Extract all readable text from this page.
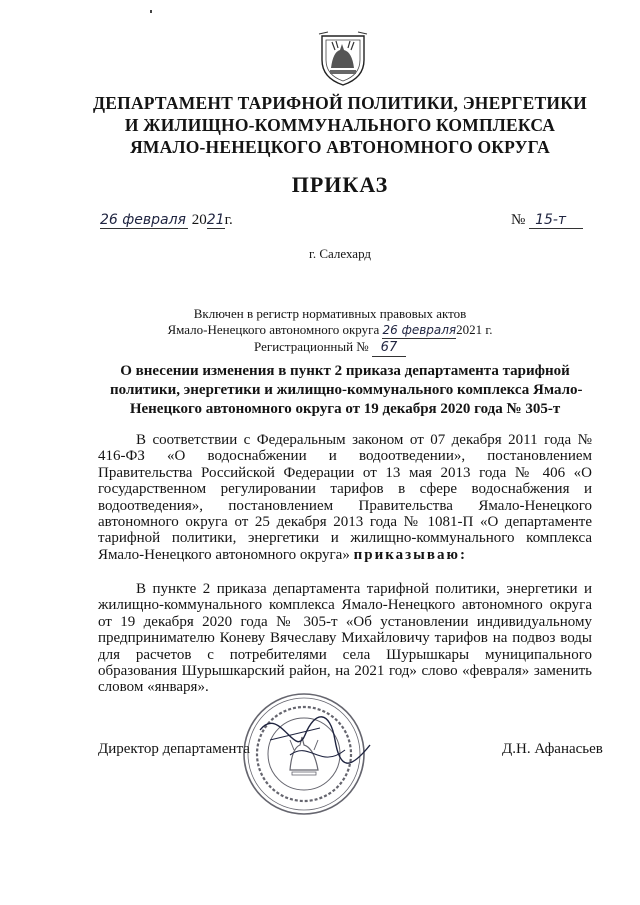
ДЕПАРТАМЕНТ ТАРИФНОЙ ПОЛИТИКИ, ЭНЕРГЕТИКИ
И ЖИЛИЩНО-КОММУНАЛЬНОГО КОМПЛЕКСА
ЯМАЛО-НЕНЕЦКОГО АВТОНОМНОГО ОКРУГА
ПРИКАЗ
26 февраля 2021г.	№ 15-т
г. Салехард
Включен в регистр нормативных правовых актов
Ямало-Ненецкого автономного округа 26 февраля2021 г.
Регистрационный № 67
О внесении изменения в пункт 2 приказа департамента тарифной
политики, энергетики и жилищно-коммунального комплекса Ямало-
Ненецкого автономного округа от 19 декабря 2020 года № 305-т
В соответствии с Федеральным законом от 07 декабря 2011 года № 416-ФЗ «О водоснабжении и водоотведении», постановлением Правительства Российской Федерации от 13 мая 2013 года № 406 «О государственном регулировании тарифов в сфере водоснабжения и водоотведения», постановлением Правительства Ямало-Ненецкого автономного округа от 25 декабря 2013 года № 1081-П «О департаменте тарифной политики, энергетики и жилищно-коммунального комплекса Ямало-Ненецкого автономного округа» приказываю:
В пункте 2 приказа департамента тарифной политики, энергетики и жилищно-коммунального комплекса Ямало-Ненецкого автономного округа от 19 декабря 2020 года № 305-т «Об установлении индивидуальному предпринимателю Коневу Вячеславу Михайловичу тарифов на подвоз воды для расчетов с потребителями села Шурышкары муниципального образования Шурышкарский район, на 2021 год» слово «февраля» заменить словом «января».
Директор департамента	Д.Н. Афанасьев
